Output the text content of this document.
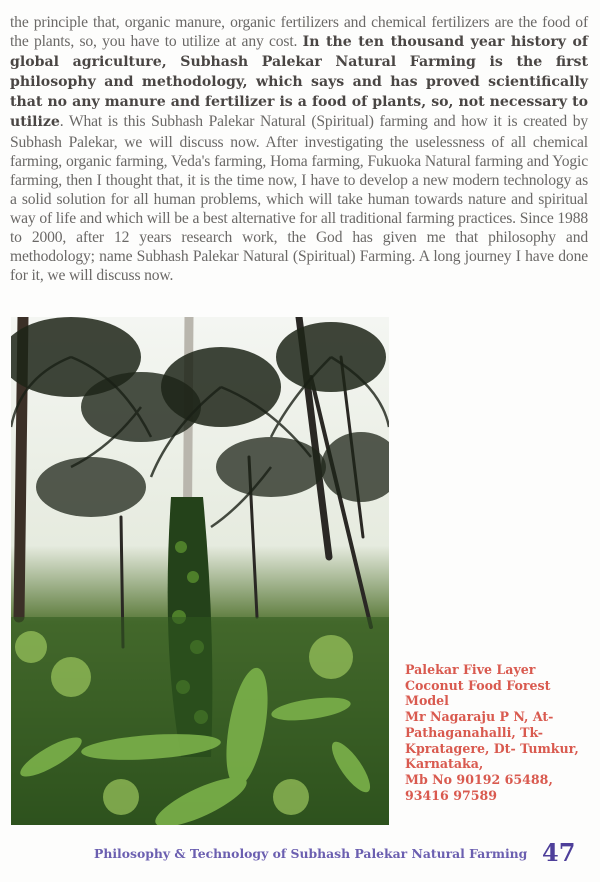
the principle that, organic manure, organic fertilizers and chemical fertilizers are the food of the plants, so, you have to utilize at any cost. In the ten thousand year history of global agriculture, Subhash Palekar Natural Farming is the first philosophy and methodology, which says and has proved scientifically that no any manure and fertilizer is a food of plants, so, not necessary to utilize. What is this Subhash Palekar Natural (Spiritual) farming and how it is created by Subhash Palekar, we will discuss now. After investigating the uselessness of all chemical farming, organic farming, Veda's farming, Homa farming, Fukuoka Natural farming and Yogic farming, then I thought that, it is the time now, I have to develop a new modern technology as a solid solution for all human problems, which will take human towards nature and spiritual way of life and which will be a best alternative for all traditional farming practices. Since 1988 to 2000, after 12 years research work, the God has given me that philosophy and methodology; name Subhash Palekar Natural (Spiritual) Farming. A long journey I have done for it, we will discuss now.
Palekar Five Layer
Coconut Food Forest
Model
Mr Nagaraju P N, At-
Pathaganahalli, Tk-
Kpratagere, Dt- Tumkur,
Karnataka,
Mb No 90192 65488,
93416 97589
Philosophy & Technology of Subhash Palekar Natural Farming 47
